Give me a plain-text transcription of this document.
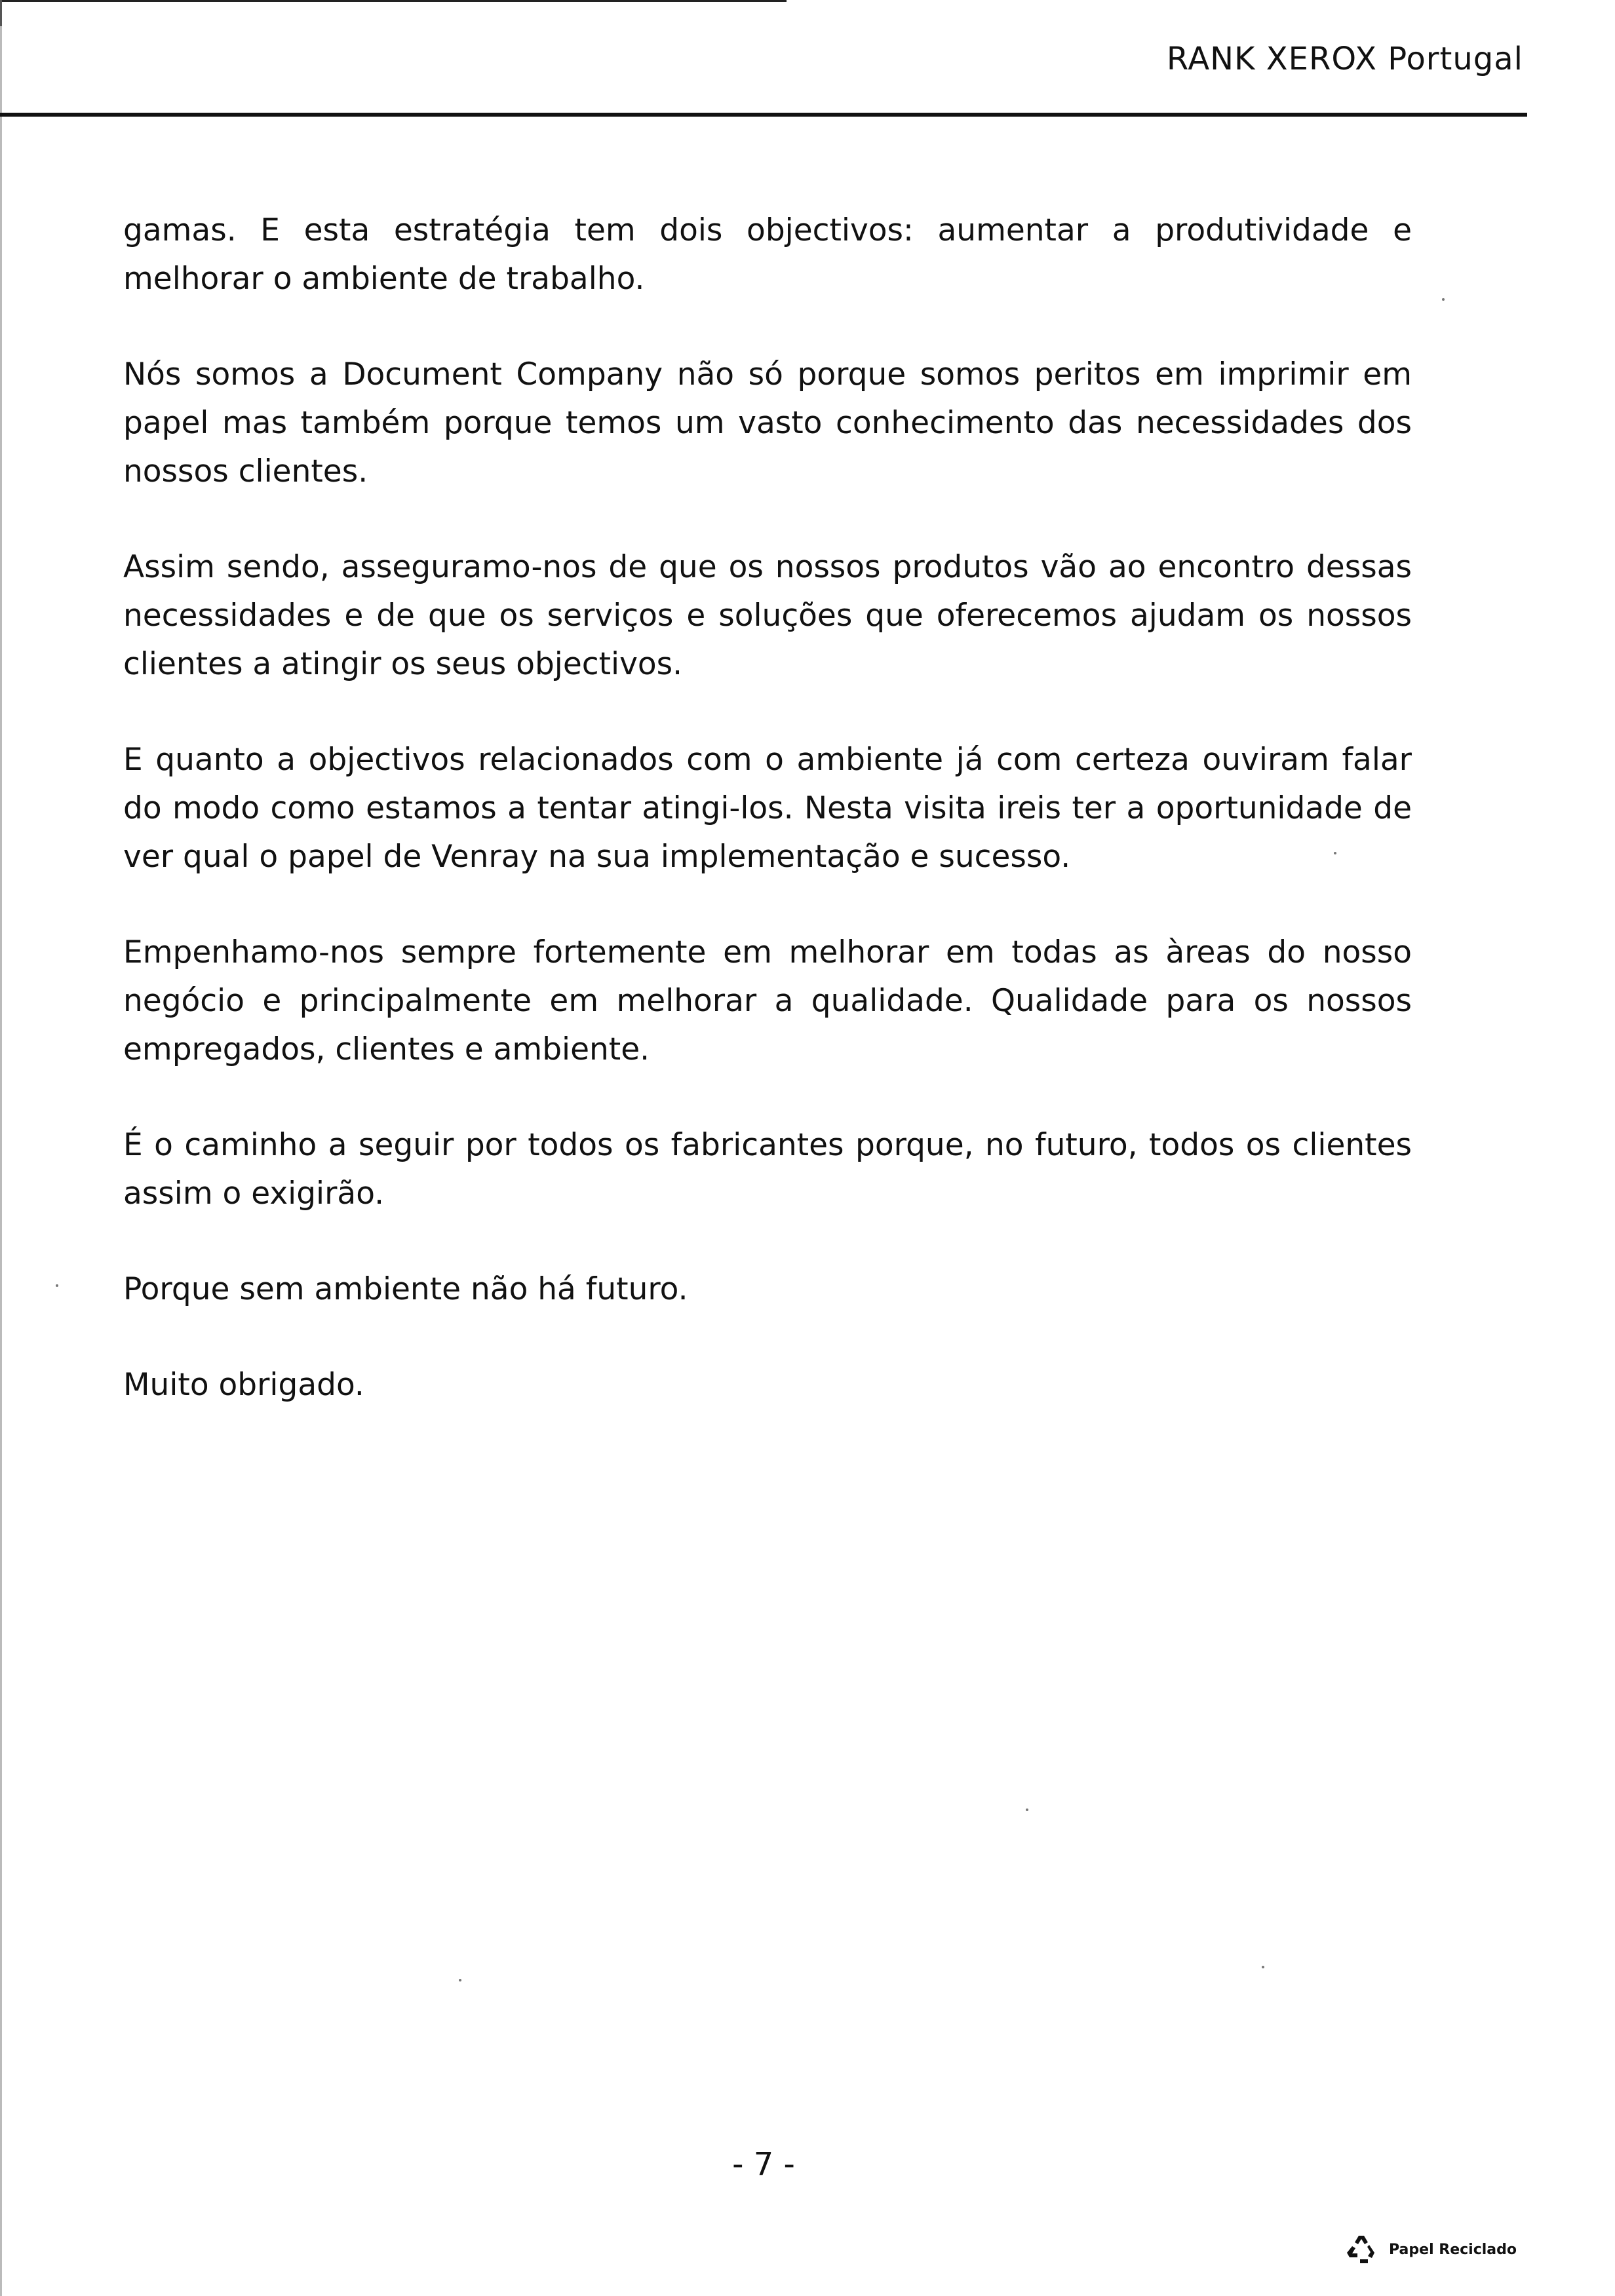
RANK XEROX Portugal

gamas. E esta estratégia tem dois objectivos: aumentar a produtividade e melhorar o ambiente de trabalho.

Nós somos a Document Company não só porque somos peritos em imprimir em papel mas também porque temos um vasto conhecimento das necessidades dos nossos clientes.

Assim sendo, asseguramo-nos de que os nossos produtos vão ao encontro dessas necessidades e de que os serviços e soluções que oferecemos ajudam os nossos clientes a atingir os seus objectivos.

E quanto a objectivos relacionados com o ambiente já com certeza ouviram falar do modo como estamos a tentar atingi-los. Nesta visita ireis ter a oportunidade de ver qual o papel de Venray na sua implementação e sucesso.

Empenhamo-nos sempre fortemente em melhorar em todas as àreas do nosso negócio e principalmente em melhorar a qualidade. Qualidade para os nossos empregados, clientes e ambiente.

É o caminho a seguir por todos os fabricantes porque, no futuro, todos os clientes assim o exigirão.

Porque sem ambiente não há futuro.

Muito obrigado.

- 7 -
Papel Reciclado
